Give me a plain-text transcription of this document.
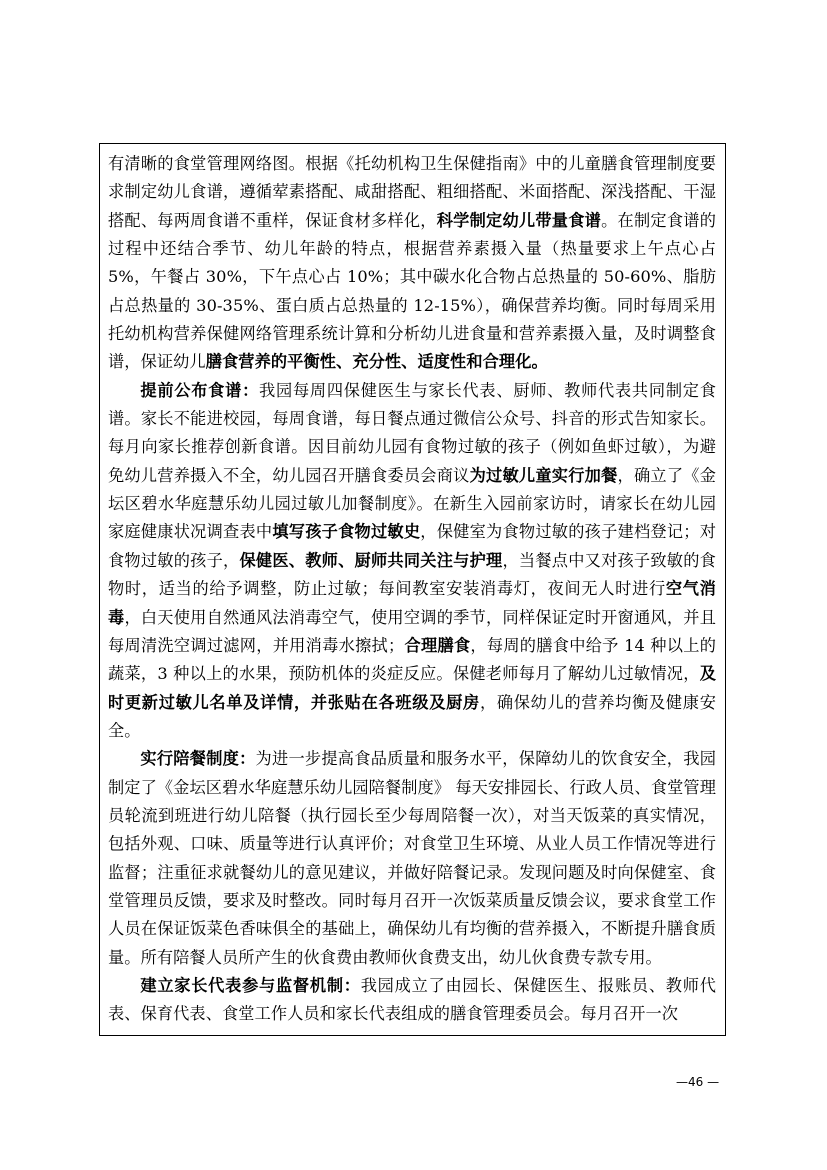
有清晰的食堂管理网络图。根据《托幼机构卫生保健指南》中的儿童膳食管理制度要求制定幼儿食谱，遵循荤素搭配、咸甜搭配、粗细搭配、米面搭配、深浅搭配、干湿搭配、每两周食谱不重样，保证食材多样化，科学制定幼儿带量食谱。在制定食谱的过程中还结合季节、幼儿年龄的特点，根据营养素摄入量（热量要求上午点心占 5%，午餐占 30%，下午点心占 10%；其中碳水化合物占总热量的 50-60%、脂肪占总热量的 30-35%、蛋白质占总热量的 12-15%），确保营养均衡。同时每周采用托幼机构营养保健网络管理系统计算和分析幼儿进食量和营养素摄入量，及时调整食谱，保证幼儿膳食营养的平衡性、充分性、适度性和合理化。

提前公布食谱：我园每周四保健医生与家长代表、厨师、教师代表共同制定食谱。家长不能进校园，每周食谱，每日餐点通过微信公众号、抖音的形式告知家长。每月向家长推荐创新食谱。因目前幼儿园有食物过敏的孩子（例如鱼虾过敏），为避免幼儿营养摄入不全，幼儿园召开膳食委员会商议为过敏儿童实行加餐，确立了《金坛区碧水华庭慧乐幼儿园过敏儿加餐制度》。在新生入园前家访时，请家长在幼儿园家庭健康状况调查表中填写孩子食物过敏史，保健室为食物过敏的孩子建档登记；对食物过敏的孩子，保健医、教师、厨师共同关注与护理，当餐点中又对孩子致敏的食物时，适当的给予调整，防止过敏；每间教室安装消毒灯，夜间无人时进行空气消毒，白天使用自然通风法消毒空气，使用空调的季节，同样保证定时开窗通风，并且每周清洗空调过滤网，并用消毒水擦拭；合理膳食，每周的膳食中给予 14 种以上的蔬菜，3 种以上的水果，预防机体的炎症反应。保健老师每月了解幼儿过敏情况，及时更新过敏儿名单及详情，并张贴在各班级及厨房，确保幼儿的营养均衡及健康安全。

实行陪餐制度：为进一步提高食品质量和服务水平，保障幼儿的饮食安全，我园制定了《金坛区碧水华庭慧乐幼儿园陪餐制度》 每天安排园长、行政人员、食堂管理员轮流到班进行幼儿陪餐（执行园长至少每周陪餐一次），对当天饭菜的真实情况，包括外观、口味、质量等进行认真评价；对食堂卫生环境、从业人员工作情况等进行监督；注重征求就餐幼儿的意见建议，并做好陪餐记录。发现问题及时向保健室、食堂管理员反馈，要求及时整改。同时每月召开一次饭菜质量反馈会议，要求食堂工作人员在保证饭菜色香味俱全的基础上，确保幼儿有均衡的营养摄入，不断提升膳食质量。所有陪餐人员所产生的伙食费由教师伙食费支出，幼儿伙食费专款专用。

建立家长代表参与监督机制：我园成立了由园长、保健医生、报账员、教师代表、保育代表、食堂工作人员和家长代表组成的膳食管理委员会。每月召开一次

—46 —
